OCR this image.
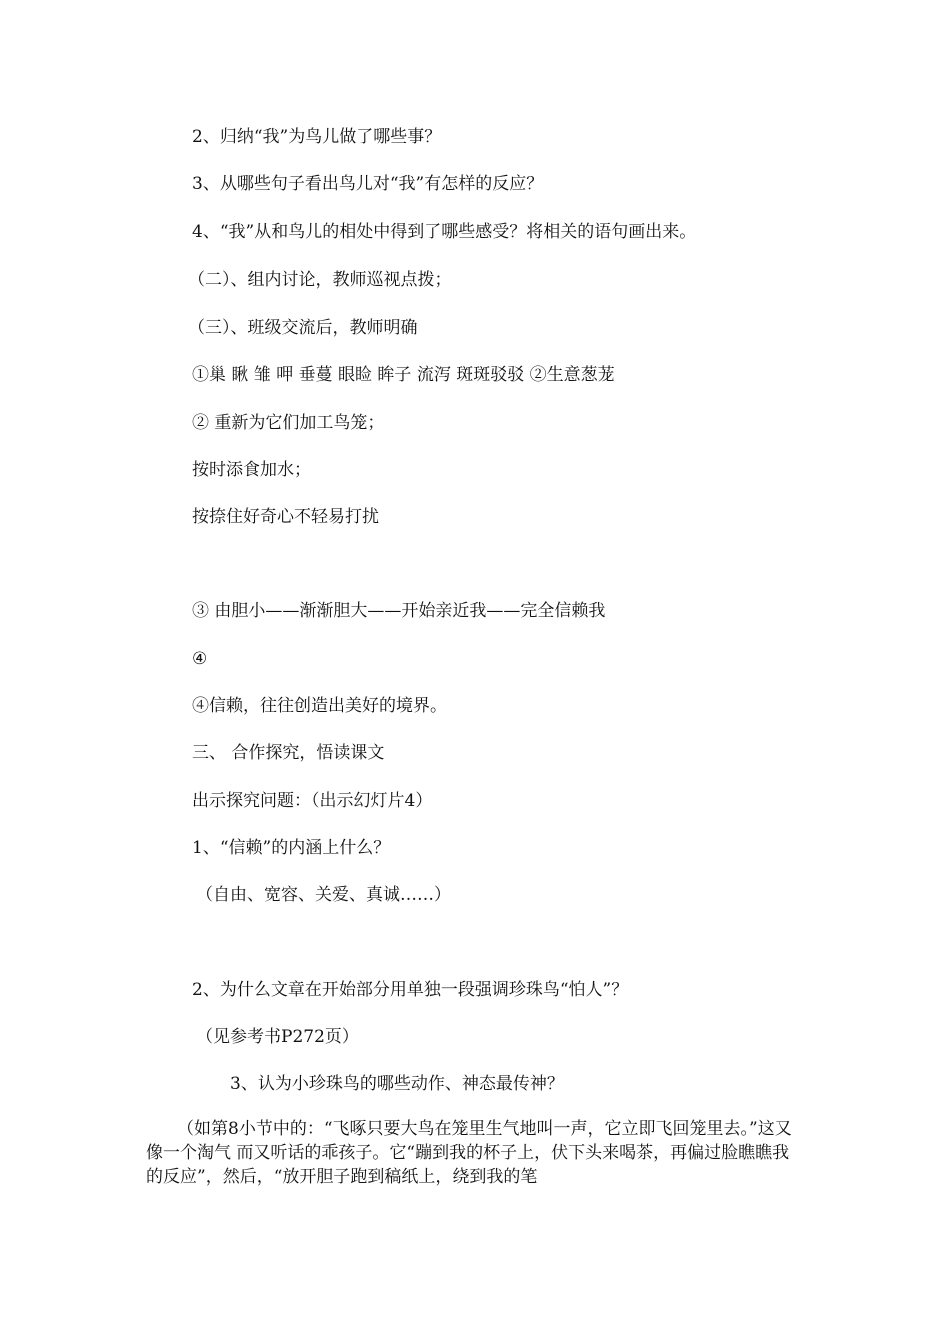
2、归纳“我”为鸟儿做了哪些事？
3、从哪些句子看出鸟儿对“我”有怎样的反应？
4、“我”从和鸟儿的相处中得到了哪些感受？将相关的语句画出来。
（二）、组内讨论，教师巡视点拨；
（三）、班级交流后，教师明确
①巢 瞅 雏 呷 垂蔓 眼睑 眸子 流泻 斑斑驳驳 ②生意葱茏
② 重新为它们加工鸟笼；
按时添食加水；
按捺住好奇心不轻易打扰
③ 由胆小——渐渐胆大——开始亲近我——完全信赖我
④
④信赖，往往创造出美好的境界。
三、 合作探究，悟读课文
出示探究问题：（出示幻灯片4）
1、“信赖”的内涵上什么？
（自由、宽容、关爱、真诚……）
2、为什么文章在开始部分用单独一段强调珍珠鸟“怕人”？
（见参考书P272页）
3、认为小珍珠鸟的哪些动作、神态最传神？
（如第8小节中的：“飞啄只要大鸟在笼里生气地叫一声，它立即飞回笼里去。”这又像一个淘气 而又听话的乖孩子。它“蹦到我的杯子上，伏下头来喝茶，再偏过脸瞧瞧我的反应”，然后，“放开胆子跑到稿纸上，绕到我的笔
